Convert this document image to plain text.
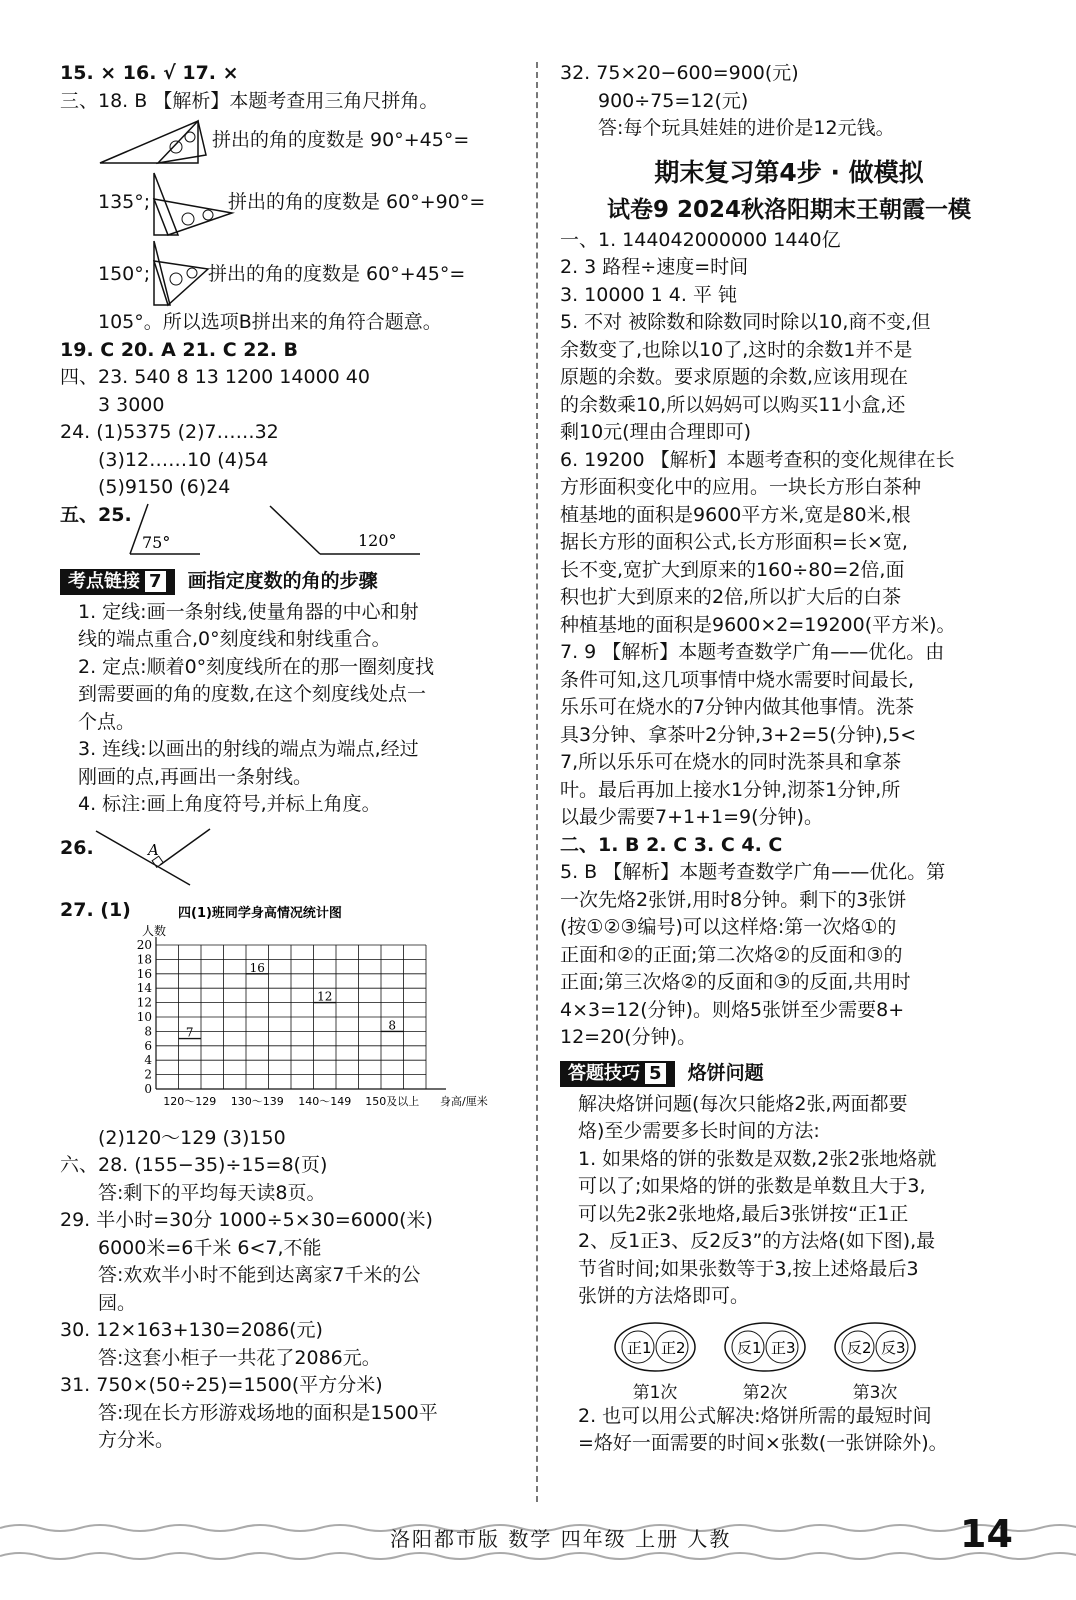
15. × 16. √ 17. ×
三、18. B 【解析】本题考查用三角尺拼角。
拼出的角的度数是 90°+45°=
135°;	拼出的角的度数是 60°+90°=
150°;	拼出的角的度数是 60°+45°=
105°。所以选项B拼出来的角符合题意。
19. C 20. A 21. C 22. B
四、23. 540 8 13 1200 14000 40
3 3000
24. (1)5375 (2)7……32
(3)12……10 (4)54
(5)9150 (6)24
五、25.
75°	120°
考点链接 7 画指定度数的角的步骤
1. 定线:画一条射线,使量角器的中心和射
线的端点重合,0°刻度线和射线重合。
2. 定点:顺着0°刻度线所在的那一圈刻度找
到需要画的角的度数,在这个刻度线处点一
个点。
3. 连线:以画出的射线的端点为端点,经过
刚画的点,再画出一条射线。
4. 标注:画上角度符号,并标上角度。
26.	A
27. (1)	四(1)班同学身高情况统计图
人数
0
2
4
6
8
10
12
14
16
18
20
7
120～129
16
130～139
12
140～149
8
150及以上 身高/厘米
(2)120～129 (3)150
六、28. (155−35)÷15=8(页)
答:剩下的平均每天读8页。
29. 半小时=30分 1000÷5×30=6000(米)
6000米=6千米 6<7,不能
答:欢欢半小时不能到达离家7千米的公
园。
30. 12×163+130=2086(元)
答:这套小柜子一共花了2086元。
31. 750×(50÷25)=1500(平方分米)
答:现在长方形游戏场地的面积是1500平
方分米。
32. 75×20−600=900(元)
900÷75=12(元)
答:每个玩具娃娃的进价是12元钱。
期末复习第4步 · 做模拟
试卷9 2024秋洛阳期末王朝霞一模
一、1. 144042000000 1440亿
2. 3 路程÷速度=时间
3. 10000 1 4. 平 钝
5. 不对 被除数和除数同时除以10,商不变,但
余数变了,也除以10了,这时的余数1并不是
原题的余数。要求原题的余数,应该用现在
的余数乘10,所以妈妈可以购买11小盒,还
剩10元(理由合理即可)
6. 19200 【解析】本题考查积的变化规律在长
方形面积变化中的应用。一块长方形白茶种
植基地的面积是9600平方米,宽是80米,根
据长方形的面积公式,长方形面积=长×宽,
长不变,宽扩大到原来的160÷80=2倍,面
积也扩大到原来的2倍,所以扩大后的白茶
种植基地的面积是9600×2=19200(平方米)。
7. 9 【解析】本题考查数学广角——优化。由
条件可知,这几项事情中烧水需要时间最长,
乐乐可在烧水的7分钟内做其他事情。洗茶
具3分钟、拿茶叶2分钟,3+2=5(分钟),5<
7,所以乐乐可在烧水的同时洗茶具和拿茶
叶。最后再加上接水1分钟,沏茶1分钟,所
以最少需要7+1+1=9(分钟)。
二、1. B 2. C 3. C 4. C
5. B 【解析】本题考查数学广角——优化。第
一次先烙2张饼,用时8分钟。剩下的3张饼
(按①②③编号)可以这样烙:第一次烙①的
正面和②的正面;第二次烙②的反面和③的
正面;第三次烙②的反面和③的反面,共用时
4×3=12(分钟)。则烙5张饼至少需要8+
12=20(分钟)。
答题技巧 5 烙饼问题
解决烙饼问题(每次只能烙2张,两面都要
烙)至少需要多长时间的方法:
1. 如果烙的饼的张数是双数,2张2张地烙就
可以了;如果烙的饼的张数是单数且大于3,
可以先2张2张地烙,最后3张饼按“正1正
2、反1正3、反2反3”的方法烙(如下图),最
节省时间;如果张数等于3,按上述烙最后3
张饼的方法烙即可。
正1 正2
第1次
反1 正3
第2次
反2 反3
第3次
2. 也可以用公式解决:烙饼所需的最短时间
=烙好一面需要的时间×张数(一张饼除外)。
洛阳都市版 数学 四年级 上册 人教	14
